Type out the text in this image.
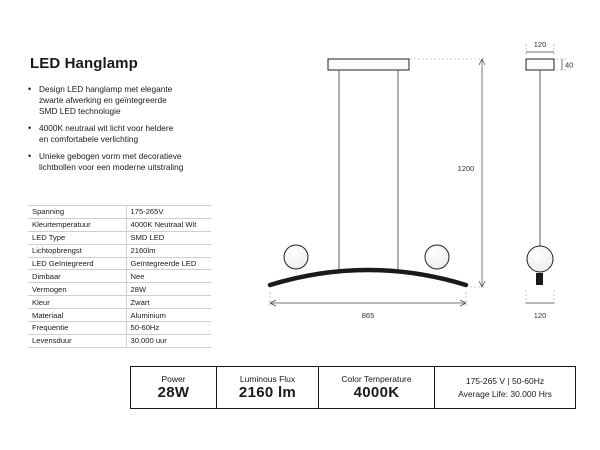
LED Hanglamp
• Design LED hanglamp met elegante
zwarte afwerking en geïntegreerde
SMD LED technologie
• 4000K neutraal wit licht voor heldere
en comfortabele verlichting
• Unieke gebogen vorm met decoratieve
lichtbollen voor een moderne uitstraling
Spanning	175-265V
Kleurtemperatuur	4000K Neutraal Wit
LED Type	SMD LED
Lichtopbrengst	2160lm
LED Geïntegreerd	Geïntegreerde LED
Dimbaar	Nee
Vermogen	28W
Kleur	Zwart
Materiaal	Aluminium
Frequentie	50-60Hz
Levensduur	30.000 uur
1200
865
120
40
120
Power
28W
Luminous Flux
2160 lm
Color Temperature
4000K
175-265 V | 50-60Hz
Average Life: 30.000 Hrs
